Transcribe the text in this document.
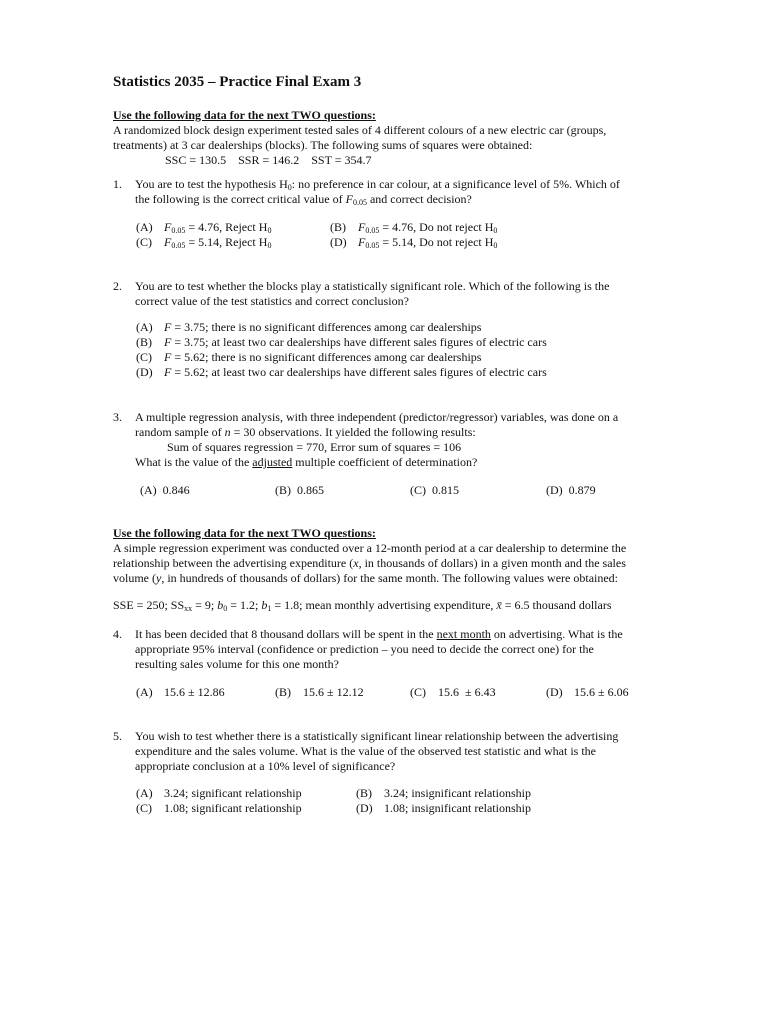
Statistics 2035 – Practice Final Exam 3
Use the following data for the next TWO questions:
A randomized block design experiment tested sales of 4 different colours of a new electric car (groups,
treatments) at 3 car dealerships (blocks). The following sums of squares were obtained:
SSC = 130.5    SSR = 146.2    SST = 354.7
1.	You are to test the hypothesis $H_0$: no preference in car colour, at a significance level of 5%. Which of
the following is the correct critical value of $F_{0.05}$ and correct decision?
(A) $F_{0.05} = 4.76$, Reject $H_0$	(B) $F_{0.05} = 4.76$, Do not reject $H_0$
(C) $F_{0.05} = 5.14$, Reject $H_0$	(D) $F_{0.05} = 5.14$, Do not reject $H_0$
2.	You are to test whether the blocks play a statistically significant role. Which of the following is the
correct value of the test statistics and correct conclusion?
(A) F = 3.75; there is no significant differences among car dealerships
(B) F = 3.75; at least two car dealerships have different sales figures of electric cars
(C) F = 5.62; there is no significant differences among car dealerships
(D) F = 5.62; at least two car dealerships have different sales figures of electric cars
3.	A multiple regression analysis, with three independent (predictor/regressor) variables, was done on a
random sample of n = 30 observations. It yielded the following results:
Sum of squares regression = 770, Error sum of squares = 106
What is the value of the adjusted multiple coefficient of determination?
(A) 0.846	(B) 0.865	(C) 0.815	(D) 0.879
Use the following data for the next TWO questions:
A simple regression experiment was conducted over a 12-month period at a car dealership to determine the
relationship between the advertising expenditure (x, in thousands of dollars) in a given month and the sales
volume (y, in hundreds of thousands of dollars) for the same month. The following values were obtained:
SSE = 250; $SS_{xx} = 9$; $b_0 = 1.2$; $b_1 = 1.8$; mean monthly advertising expenditure, x̄ = 6.5 thousand dollars
4.	It has been decided that 8 thousand dollars will be spent in the next month on advertising. What is the
appropriate 95% interval (confidence or prediction – you need to decide the correct one) for the
resulting sales volume for this one month?
(A) 15.6 ± 12.86	(B) 15.6 ± 12.12	(C) 15.6  ± 6.43	(D) 15.6 ± 6.06
5.	You wish to test whether there is a statistically significant linear relationship between the advertising
expenditure and the sales volume. What is the value of the observed test statistic and what is the
appropriate conclusion at a 10% level of significance?
(A) 3.24; significant relationship	(B) 3.24; insignificant relationship
(C) 1.08; significant relationship	(D) 1.08; insignificant relationship
